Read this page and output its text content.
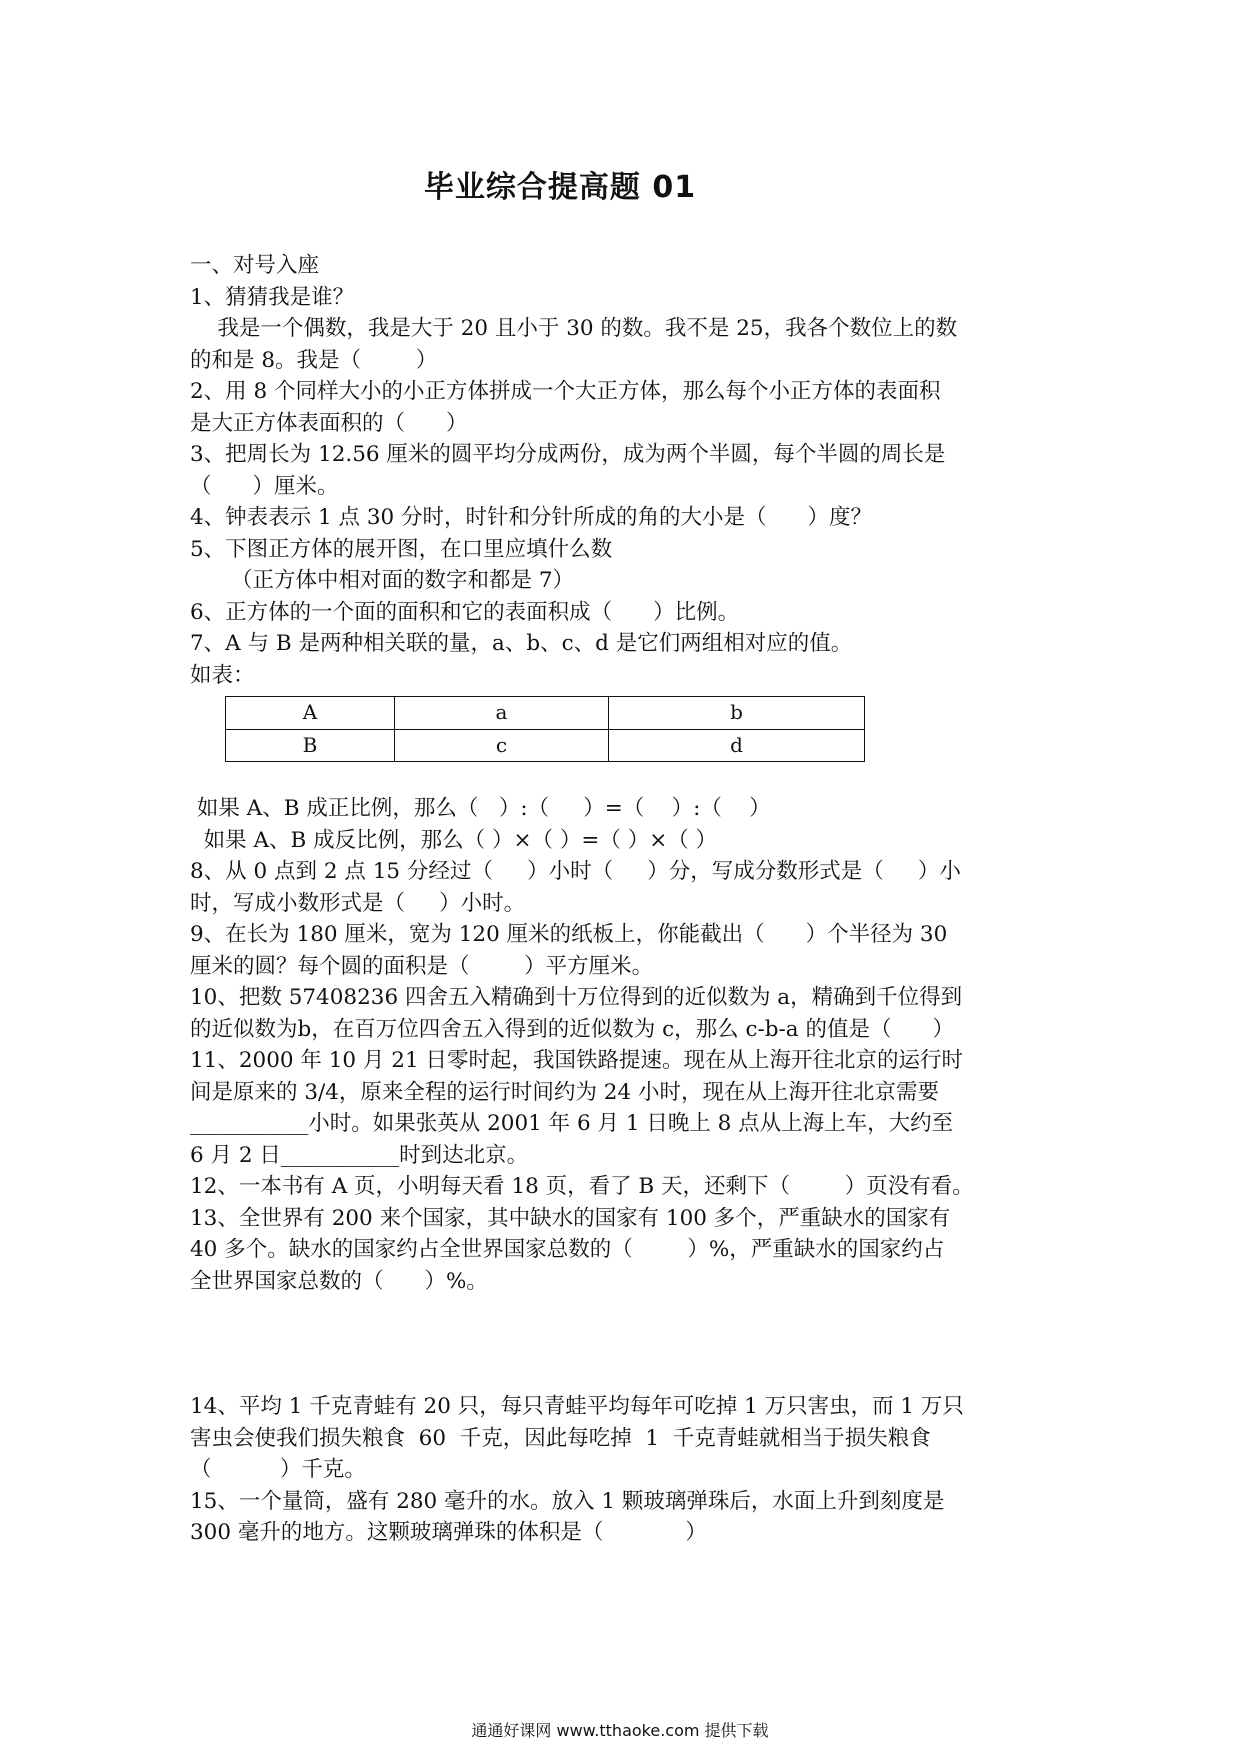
毕业综合提高题 01
一、对号入座
1、猜猜我是谁？
我是一个偶数，我是大于 20 且小于 30 的数。我不是 25，我各个数位上的数
的和是 8。我是（        ）
2、用 8 个同样大小的小正方体拼成一个大正方体，那么每个小正方体的表面积
是大正方体表面积的（      ）
3、把周长为 12.56 厘米的圆平均分成两份，成为两个半圆，每个半圆的周长是
（      ）厘米。
4、钟表表示 1 点 30 分时，时针和分针所成的角的大小是（      ）度？
5、下图正方体的展开图，在口里应填什么数
（正方体中相对面的数字和都是 7）
6、正方体的一个面的面积和它的表面积成（      ）比例。
7、A 与 B 是两种相关联的量，a、b、c、d 是它们两组相对应的值。
如表：
A	a	b
B	c	d
如果 A、B 成正比例，那么（   ）:（     ）=（    ）:（    ）
如果 A、B 成反比例，那么（ ）×（ ）=（ ）×（ ）
8、从 0 点到 2 点 15 分经过（     ）小时（     ）分，写成分数形式是（     ）小
时，写成小数形式是（     ）小时。
9、在长为 180 厘米，宽为 120 厘米的纸板上，你能截出（      ）个半径为 30
厘米的圆？每个圆的面积是（        ）平方厘米。
10、把数 57408236 四舍五入精确到十万位得到的近似数为 a，精确到千位得到
的近似数为b，在百万位四舍五入得到的近似数为 c，那么 c-b-a 的值是（      ）
11、2000 年 10 月 21 日零时起，我国铁路提速。现在从上海开往北京的运行时
间是原来的 3/4，原来全程的运行时间约为 24 小时，现在从上海开往北京需要
___________小时。如果张英从 2001 年 6 月 1 日晚上 8 点从上海上车，大约至
6 月 2 日___________时到达北京。
12、一本书有 A 页，小明每天看 18 页，看了 B 天，还剩下（        ）页没有看。
13、全世界有 200 来个国家，其中缺水的国家有 100 多个，严重缺水的国家有
40 多个。缺水的国家约占全世界国家总数的（        ）%，严重缺水的国家约占
全世界国家总数的（      ）%。
14、平均 1 千克青蛙有 20 只，每只青蛙平均每年可吃掉 1 万只害虫，而 1 万只
害虫会使我们损失粮食  60  千克，因此每吃掉  1  千克青蛙就相当于损失粮食
（          ）千克。
15、一个量筒，盛有 280 毫升的水。放入 1 颗玻璃弹珠后，水面上升到刻度是
300 毫升的地方。这颗玻璃弹珠的体积是（            ）
通通好课网 www.tthaoke.com 提供下载
